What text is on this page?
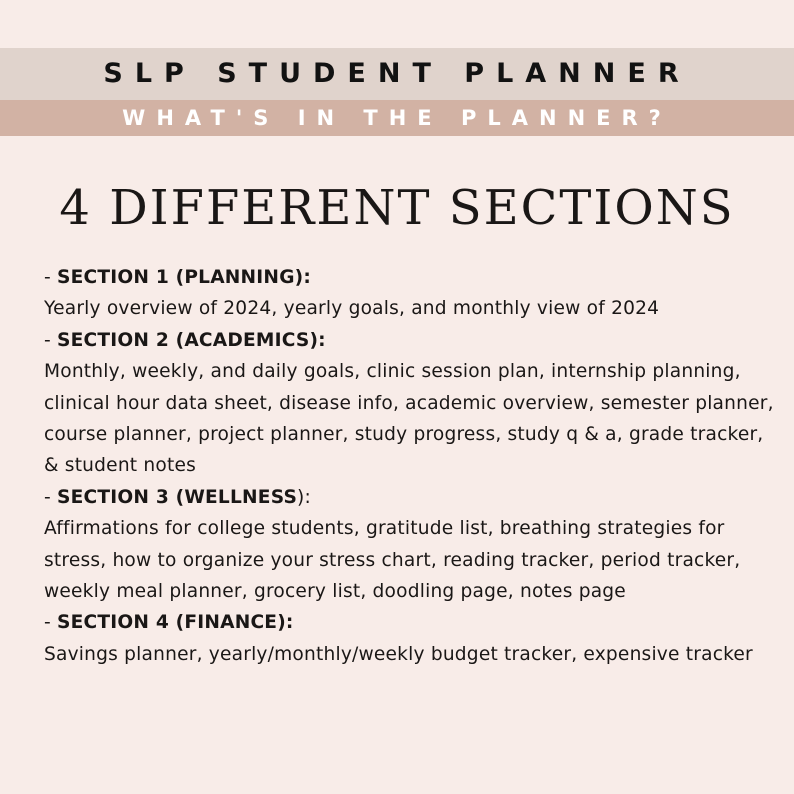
SLP STUDENT PLANNER
WHAT'S IN THE PLANNER?
4 DIFFERENT SECTIONS
- SECTION 1 (PLANNING):
Yearly overview of 2024, yearly goals, and monthly view of 2024
- SECTION 2 (ACADEMICS):
Monthly, weekly, and daily goals, clinic session plan, internship planning, clinical hour data sheet, disease info, academic overview, semester planner, course planner, project planner, study progress, study q & a, grade tracker, & student notes
- SECTION 3 (WELLNESS):
Affirmations for college students, gratitude list, breathing strategies for stress, how to organize your stress chart, reading tracker, period tracker, weekly meal planner, grocery list, doodling page, notes page
- SECTION 4 (FINANCE):
Savings planner, yearly/monthly/weekly budget tracker, expensive tracker
